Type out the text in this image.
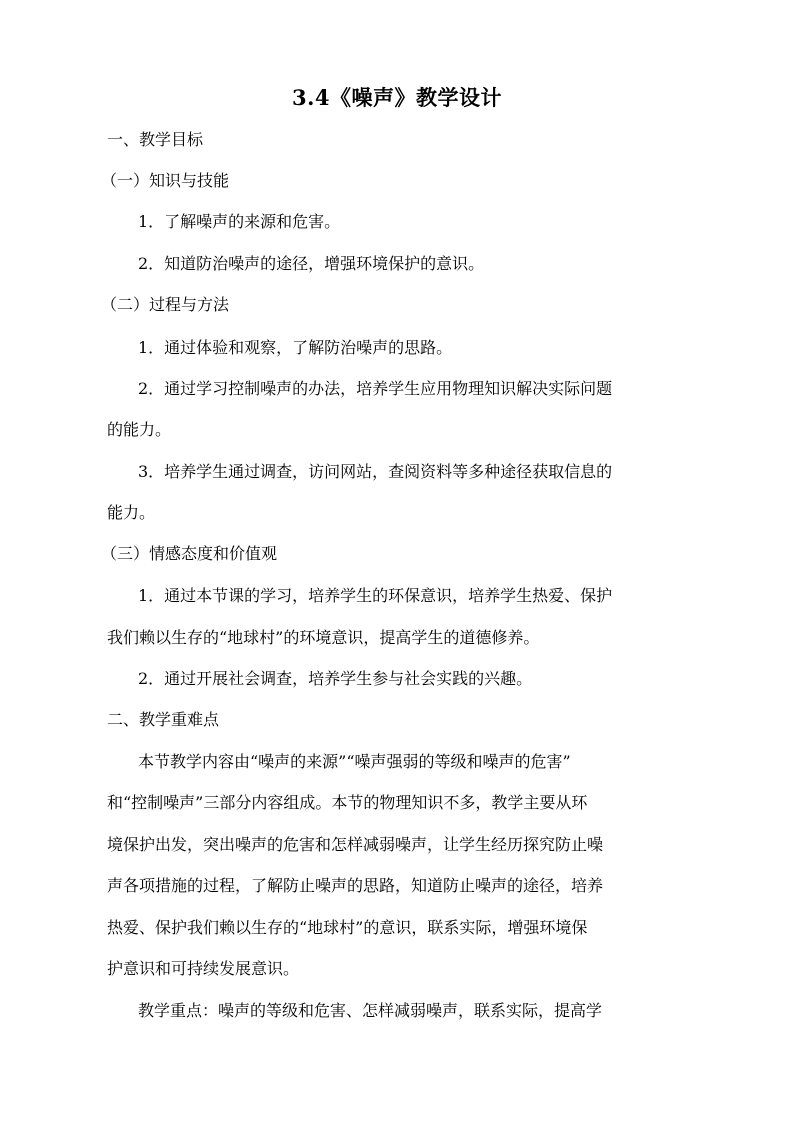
3.4《噪声》教学设计
一、教学目标
（一）知识与技能
1．了解噪声的来源和危害。
2．知道防治噪声的途径，增强环境保护的意识。
（二）过程与方法
1．通过体验和观察，了解防治噪声的思路。
2．通过学习控制噪声的办法，培养学生应用物理知识解决实际问题
的能力。
3．培养学生通过调查，访问网站，查阅资料等多种途径获取信息的
能力。
（三）情感态度和价值观
1．通过本节课的学习，培养学生的环保意识，培养学生热爱、保护
我们赖以生存的“地球村”的环境意识，提高学生的道德修养。
2．通过开展社会调查，培养学生参与社会实践的兴趣。
二、教学重难点
本节教学内容由“噪声的来源”“噪声强弱的等级和噪声的危害”
和“控制噪声”三部分内容组成。本节的物理知识不多，教学主要从环
境保护出发，突出噪声的危害和怎样减弱噪声，让学生经历探究防止噪
声各项措施的过程，了解防止噪声的思路，知道防止噪声的途径，培养
热爱、保护我们赖以生存的“地球村”的意识，联系实际，增强环境保
护意识和可持续发展意识。
教学重点：噪声的等级和危害、怎样减弱噪声，联系实际，提高学
